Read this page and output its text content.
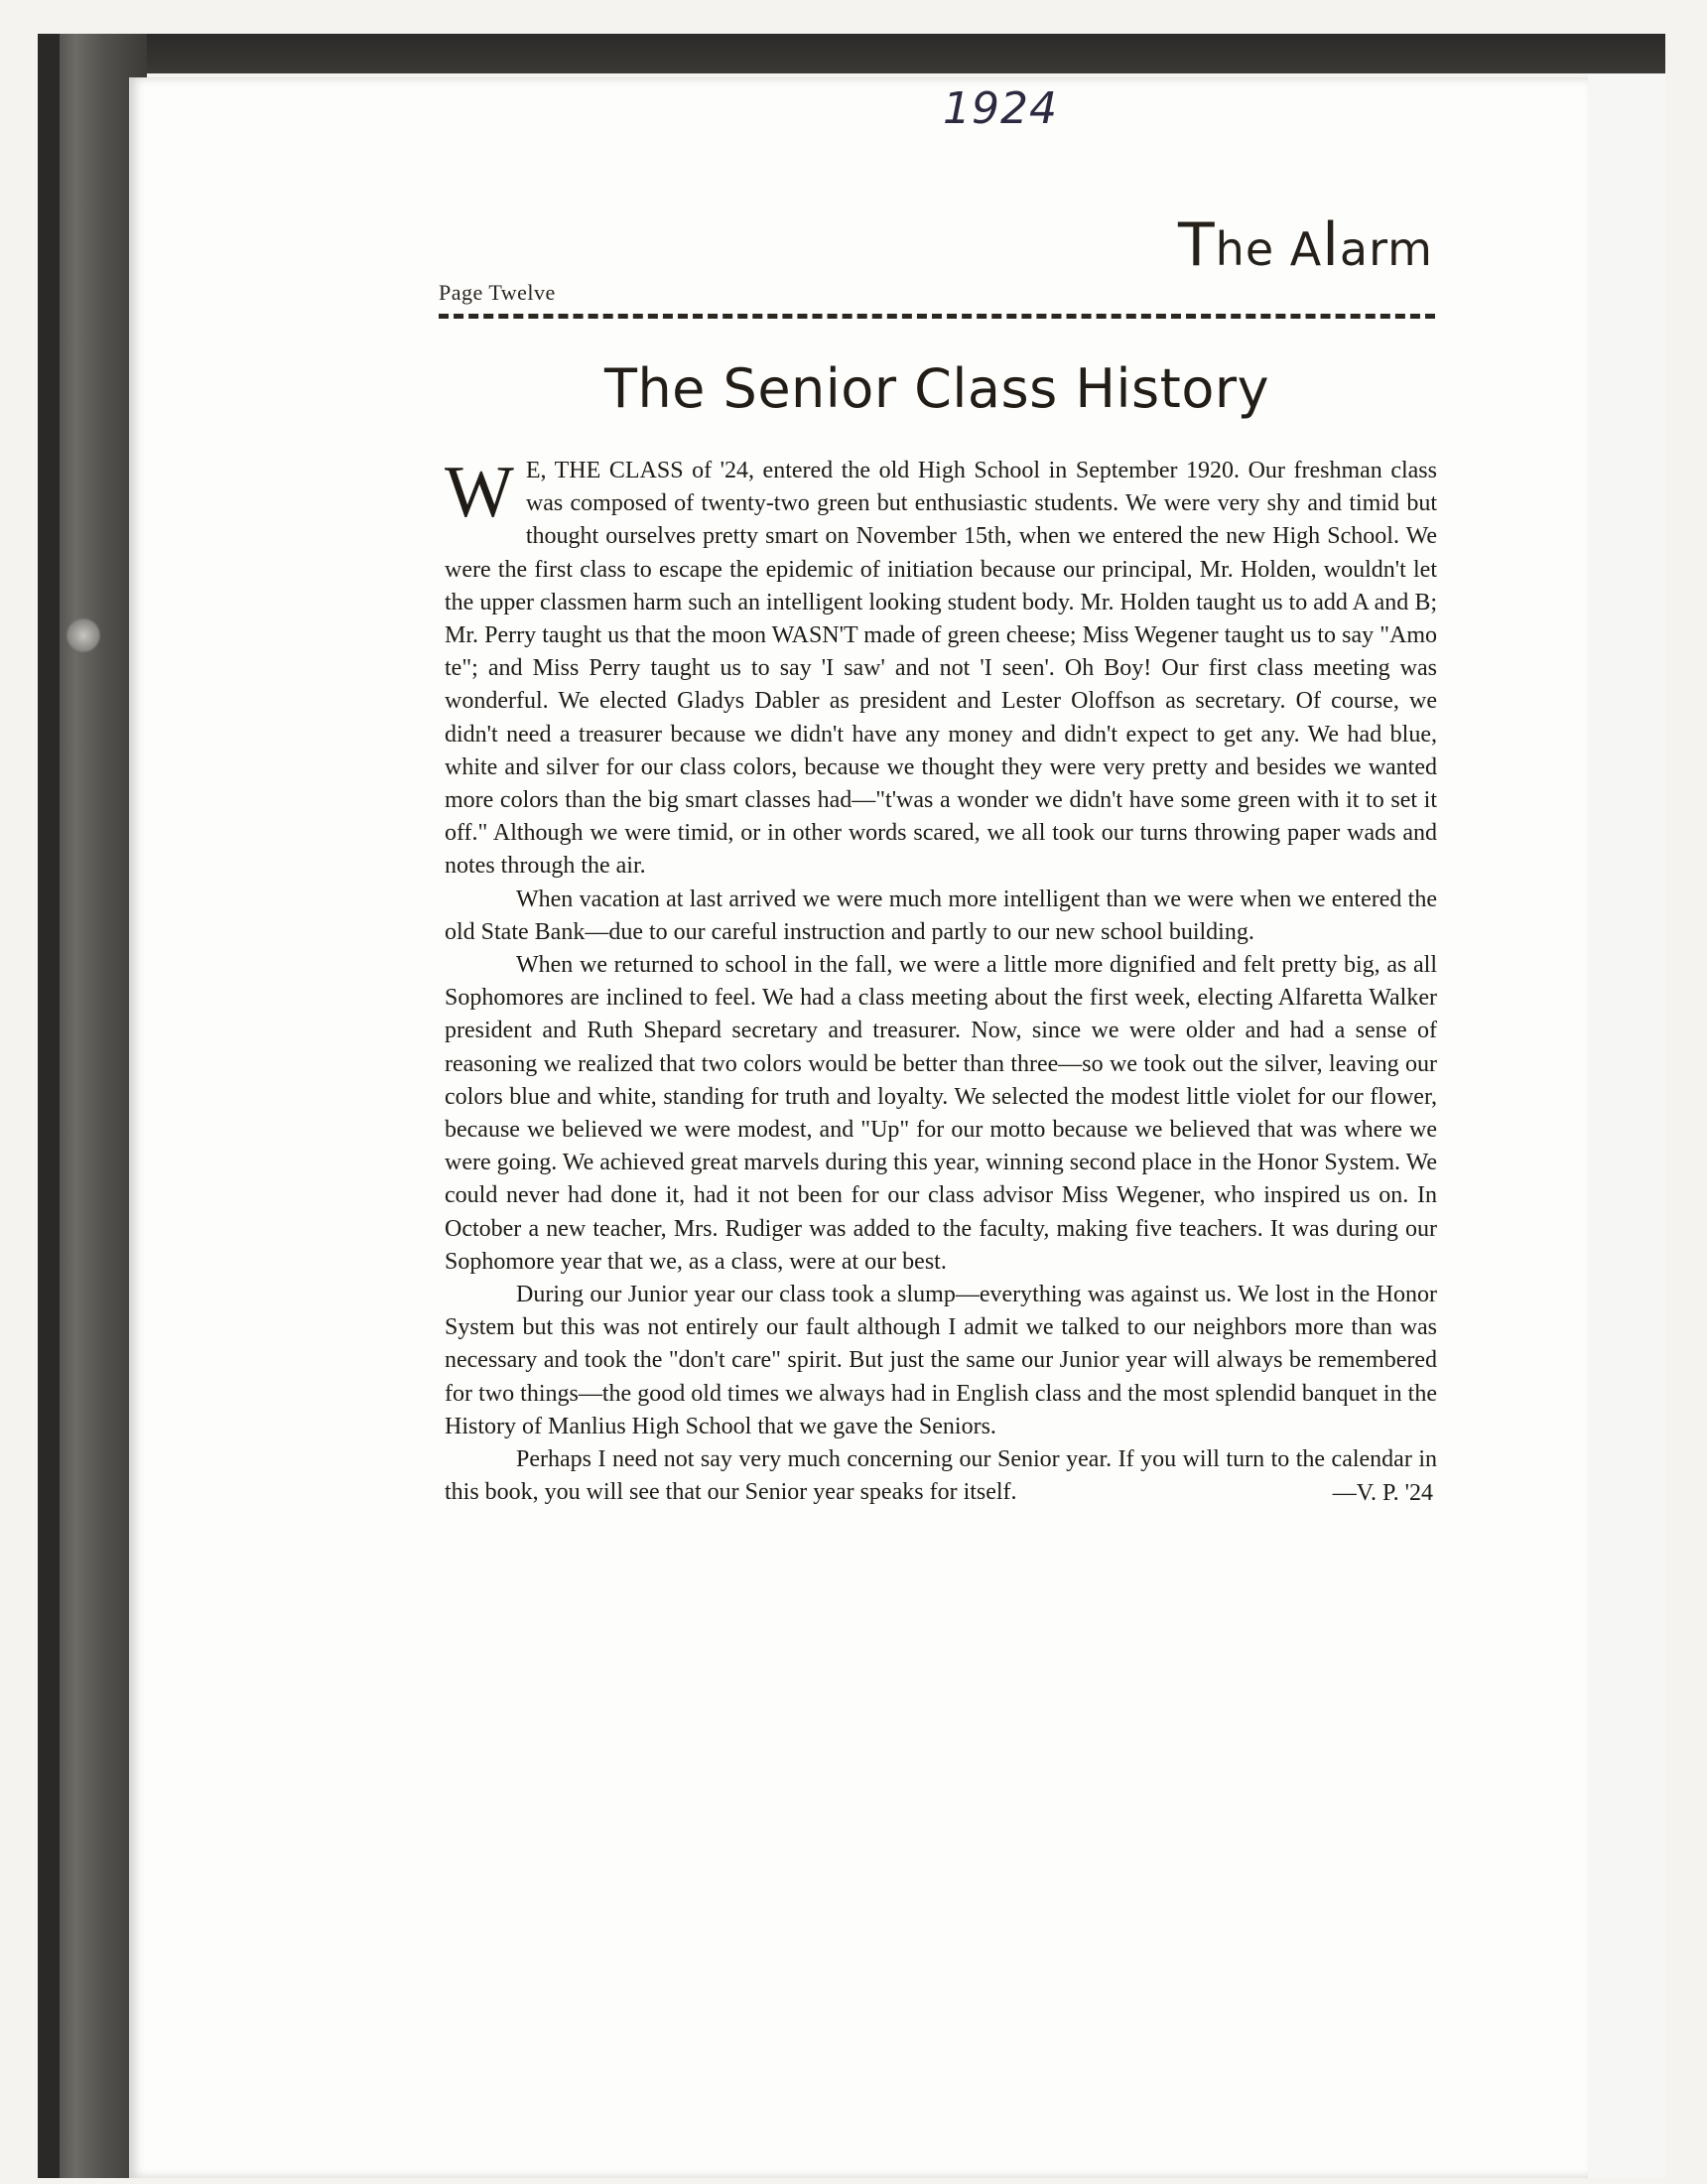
1924
Page Twelve
The Alarm
The Senior Class History

W E, THE CLASS of '24, entered the old High School in September 1920. Our freshman class was composed of twenty-two green but enthusiastic students. We were very shy and timid but thought ourselves pretty smart on November 15th, when we entered the new High School. We were the first class to escape the epidemic of initiation because our principal, Mr. Holden, wouldn't let the upper classmen harm such an intelligent looking student body. Mr. Holden taught us to add A and B; Mr. Perry taught us that the moon WASN'T made of green cheese; Miss Wegener taught us to say "Amo te"; and Miss Perry taught us to say 'I saw' and not 'I seen'. Oh Boy! Our first class meeting was wonderful. We elected Gladys Dabler as president and Lester Oloffson as secretary. Of course, we didn't need a treasurer because we didn't have any money and didn't expect to get any. We had blue, white and silver for our class colors, because we thought they were very pretty and besides we wanted more colors than the big smart classes had—"t'was a wonder we didn't have some green with it to set it off." Although we were timid, or in other words scared, we all took our turns throwing paper wads and notes through the air.

When vacation at last arrived we were much more intelligent than we were when we entered the old State Bank—due to our careful instruction and partly to our new school building.

When we returned to school in the fall, we were a little more dignified and felt pretty big, as all Sophomores are inclined to feel. We had a class meeting about the first week, electing Alfaretta Walker president and Ruth Shepard secretary and treasurer. Now, since we were older and had a sense of reasoning we realized that two colors would be better than three—so we took out the silver, leaving our colors blue and white, standing for truth and loyalty. We selected the modest little violet for our flower, because we believed we were modest, and "Up" for our motto because we believed that was where we were going. We achieved great marvels during this year, winning second place in the Honor System. We could never had done it, had it not been for our class advisor Miss Wegener, who inspired us on. In October a new teacher, Mrs. Rudiger was added to the faculty, making five teachers. It was during our Sophomore year that we, as a class, were at our best.

During our Junior year our class took a slump—everything was against us. We lost in the Honor System but this was not entirely our fault although I admit we talked to our neighbors more than was necessary and took the "don't care" spirit. But just the same our Junior year will always be remembered for two things—the good old times we always had in English class and the most splendid banquet in the History of Manlius High School that we gave the Seniors.

Perhaps I need not say very much concerning our Senior year. If you will turn to the calendar in this book, you will see that our Senior year speaks for itself.	—V. P. '24
